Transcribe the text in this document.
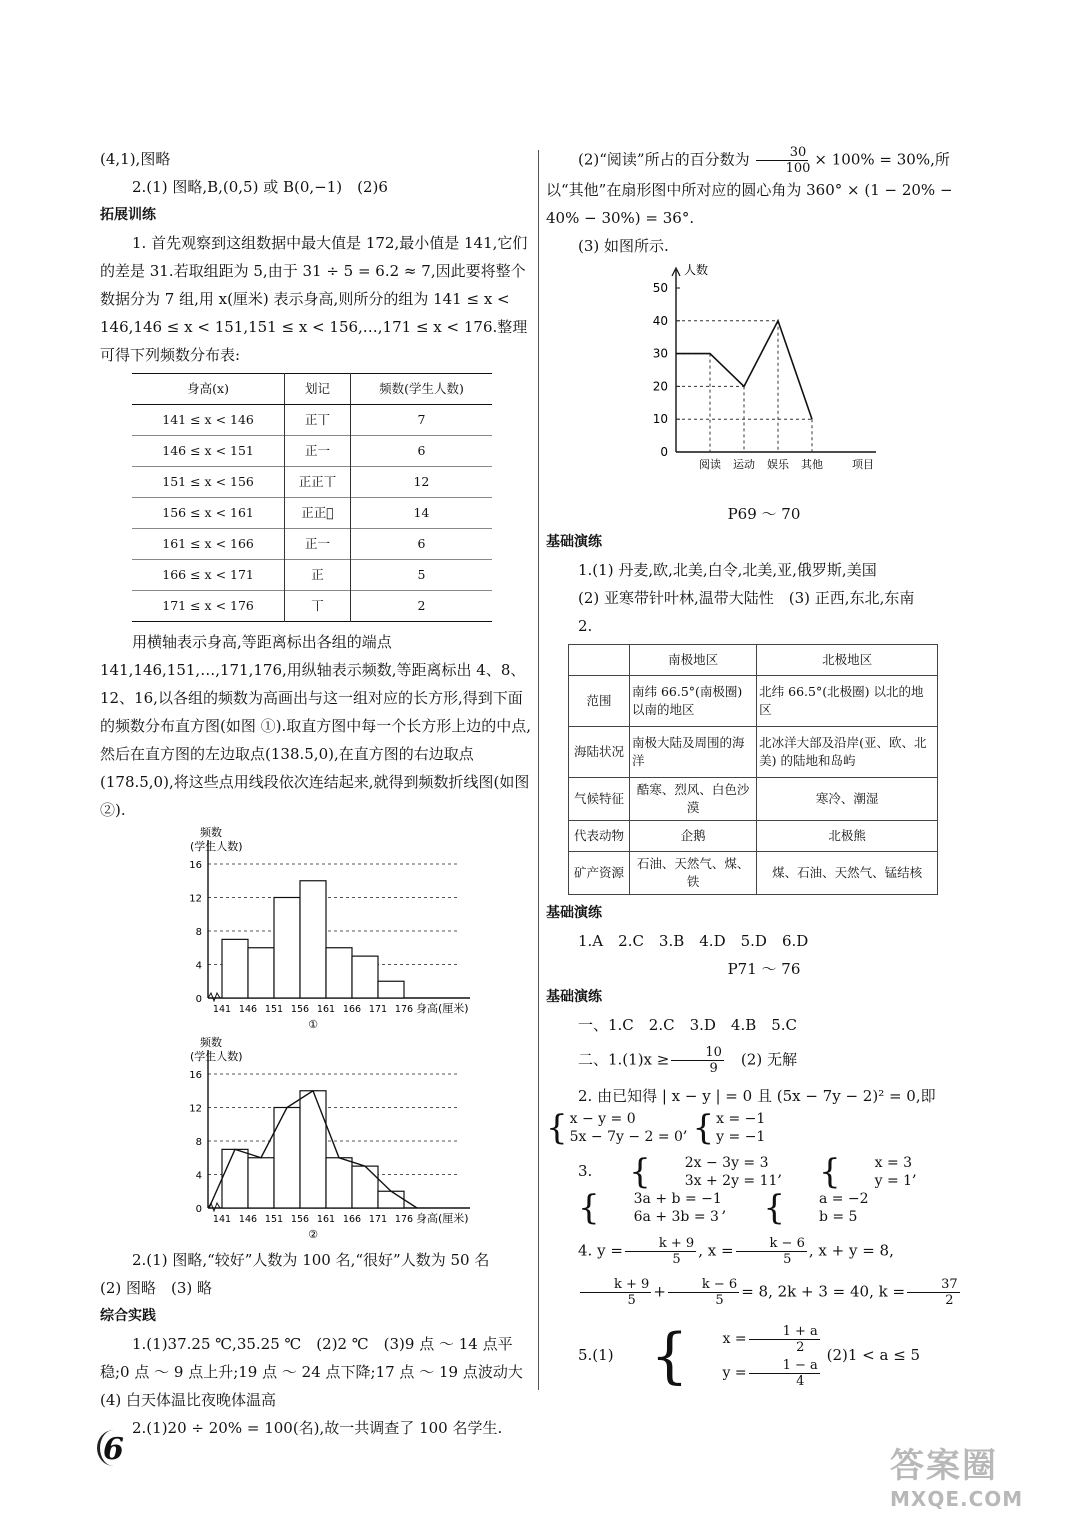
(4,1),图略

2.(1) 图略,B,(0,5) 或 B(0,−1)　(2)6

拓展训练

1. 首先观察到这组数据中最大值是 172,最小值是 141,它们的差是 31.若取组距为 5,由于 31 ÷ 5 = 6.2 ≈ 7,因此要将整个数据分为 7 组,用 x(厘米) 表示身高,则所分的组为 141 ≤ x < 146,146 ≤ x < 151,151 ≤ x < 156,…,171 ≤ x < 176.整理可得下列频数分布表:

身高(x)	划记	频数(学生人数)
141 ≤ x < 146	正丅	7
146 ≤ x < 151	正一	6
151 ≤ x < 156	正正丅	12
156 ≤ x < 161	正正𠀆	14
161 ≤ x < 166	正一	6
166 ≤ x < 171	正	5
171 ≤ x < 176	丅	2

用横轴表示身高,等距离标出各组的端点 141,146,151,…,171,176,用纵轴表示频数,等距离标出 4、8、12、16,以各组的频数为高画出与这一组对应的长方形,得到下面的频数分布直方图(如图 ①).取直方图中每一个长方形上边的中点,然后在直方图的左边取点(138.5,0),在直方图的右边取点(178.5,0),将这些点用线段依次连结起来,就得到频数折线图(如图 ②).

0
4
8
12
16
频数
(学生人数)
141 146 151 156 161 166 171 176 身高(厘米)
①
0
4
8
12
16
频数
(学生人数)
141 146 151 156 161 166 171 176 身高(厘米)
②

2.(1) 图略,“较好”人数为 100 名,“很好”人数为 50 名

(2) 图略　(3) 略

综合实践

1.(1)37.25 ℃,35.25 ℃　(2)2 ℃　(3)9 点 ～ 14 点平稳;0 点 ～ 9 点上升;19 点 ～ 24 点下降;17 点 ～ 19 点波动大

(4) 白天体温比夜晚体温高

2.(1)20 ÷ 20% = 100(名),故一共调查了 100 名学生.

(2)“阅读”所占的百分数为 $\frac{30}{100} \times 100\% = 30\%$,所以“其他”在扇形图中所对应的圆心角为 360° × (1 − 20% − 40% − 30%) = 36°.

(3) 如图所示.

人数
0
10
20
30
40
50
阅读 运动 娱乐 其他	项目

P69 ～ 70

基础演练

1.(1) 丹麦,欧,北美,白令,北美,亚,俄罗斯,美国

(2) 亚寒带针叶林,温带大陆性　(3) 正西,东北,东南

2.

	南极地区	北极地区
范围	南纬 66.5°(南极圈) 以南的地区	北纬 66.5°(北极圈) 以北的地区
海陆状况	南极大陆及周围的海洋	北冰洋大部及沿岸(亚、欧、北美) 的陆地和岛屿
气候特征	酷寒、烈风、白色沙漠	寒冷、潮湿
代表动物	企鹅	北极熊
矿产资源	石油、天然气、煤、铁	煤、石油、天然气、锰结核

基础演练

1.A　2.C　3.B　4.D　5.D　6.D

P71 ～ 76

基础演练

一、1.C　2.C　3.D　4.B　5.C

二、$1.(1)x \ge \frac{10}{9}$
　 (2) 无解

2. 由已知得 | x − y | = 0 且 (5x − 7y − 2)² = 0,即

{ x − y = 0
5x − 7y − 2 = 0
, { x = −1
y = −1

3.	{	2x − 3y = 3
3x + 2y = 11
, {	x = 3
y = 1
,
{	3a + b = −1
6a + 3b = 3
, {	a = −2
b = 5

4. $y = \frac{k + 9}{5}$ , $x = \frac{k - 6}{5}$ , x + y = 8,

$\frac{k + 9}{5} + \frac{k - 6}{5} = 8$, 2k + 3 = 40, $k = \frac{37}{2}$

5.(1) {	$x = \frac{1 + a}{2}$
$y = \frac{1 - a}{4}$
(2)1 < a ≤ 5

6	答案圈
MXQE.COM
